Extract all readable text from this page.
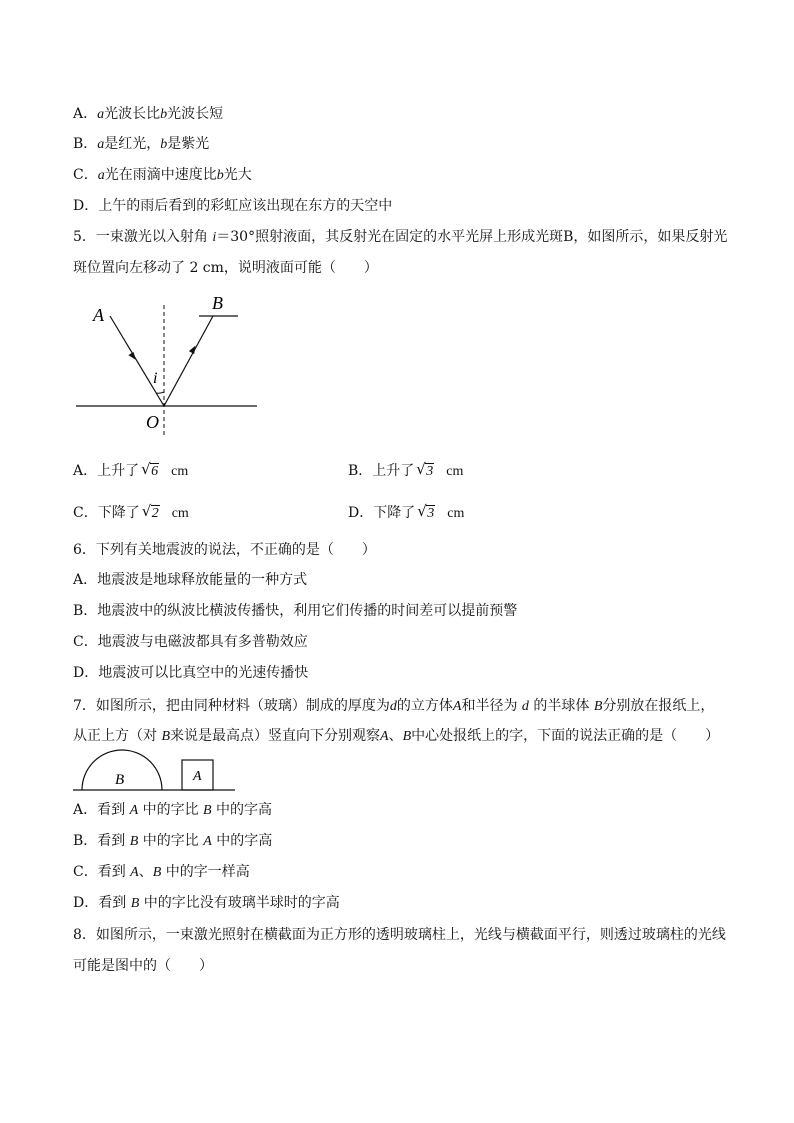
A．a光波长比b光波长短
B．a是红光，b是紫光
C．a光在雨滴中速度比b光大
D．上午的雨后看到的彩虹应该出现在东方的天空中
5．一束激光以入射角 i＝30°照射液面，其反射光在固定的水平光屏上形成光斑B，如图所示，如果反射光
斑位置向左移动了 2 cm，说明液面可能（　　）
A
B
O
i
A．上升了 √ 6 cm	B．上升了 √ 3 cm
C．下降了 √ 2 cm	D．下降了 √ 3 cm
6．下列有关地震波的说法，不正确的是（　　）
A．地震波是地球释放能量的一种方式
B．地震波中的纵波比横波传播快，利用它们传播的时间差可以提前预警
C．地震波与电磁波都具有多普勒效应
D．地震波可以比真空中的光速传播快
7．如图所示，把由同种材料（玻璃）制成的厚度为d的立方体A和半径为 d 的半球体 B分别放在报纸上，
从正上方（对 B来说是最高点）竖直向下分别观察A、B中心处报纸上的字，下面的说法正确的是（　　）
B	A
A．看到 A 中的字比 B 中的字高
B．看到 B 中的字比 A 中的字高
C．看到 A、B 中的字一样高
D．看到 B 中的字比没有玻璃半球时的字高
8．如图所示，一束激光照射在横截面为正方形的透明玻璃柱上，光线与横截面平行，则透过玻璃柱的光线
可能是图中的（　　）
